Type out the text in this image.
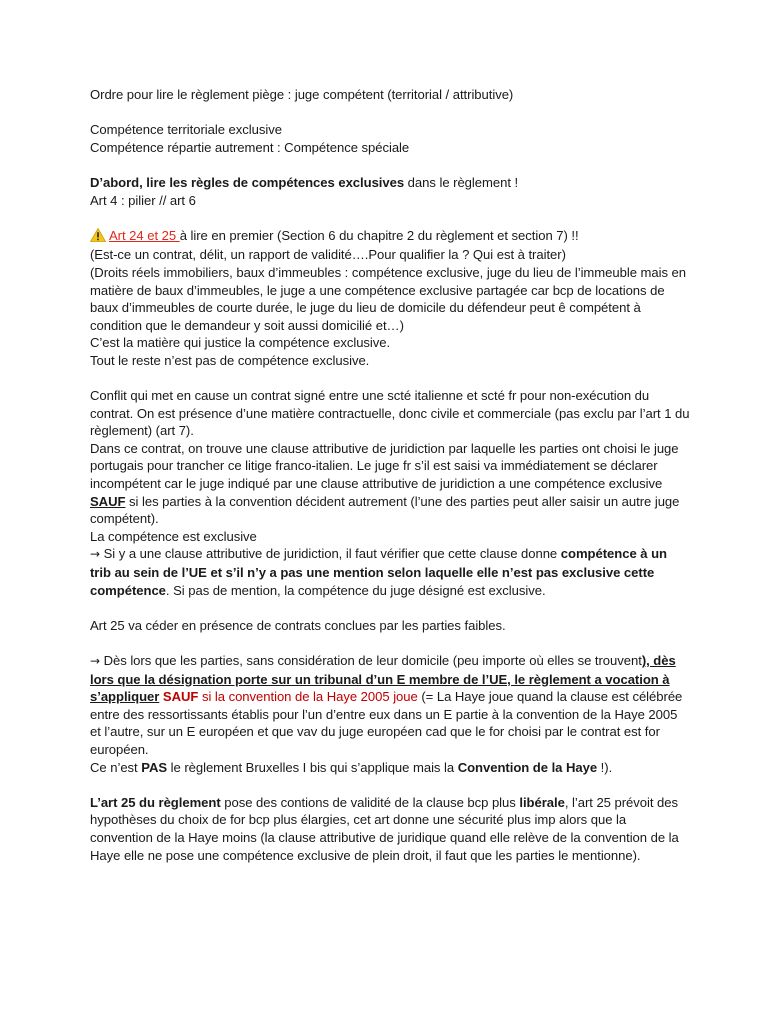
Ordre pour lire le règlement piège : juge compétent (territorial / attributive)

Compétence territoriale exclusive

Compétence répartie autrement : Compétence spéciale

D’abord, lire les règles de compétences exclusives dans le règlement !

Art 4 : pilier // art 6

Art 24 et 25 à lire en premier (Section 6 du chapitre 2 du règlement et section 7) !!

(Est-ce un contrat, délit, un rapport de validité….Pour qualifier la ? Qui est à traiter)

(Droits réels immobiliers, baux d’immeubles : compétence exclusive, juge du lieu de l’immeuble mais en matière de baux d’immeubles, le juge a une compétence exclusive partagée car bcp de locations de baux d’immeubles de courte durée, le juge du lieu de domicile du défendeur peut ê compétent à condition que le demandeur y soit aussi domicilié et…)

C’est la matière qui justice la compétence exclusive.

Tout le reste n’est pas de compétence exclusive.

Conflit qui met en cause un contrat signé entre une scté italienne et scté fr pour non-exécution du contrat. On est présence d’une matière contractuelle, donc civile et commerciale (pas exclu par l’art 1 du règlement) (art 7).

Dans ce contrat, on trouve une clause attributive de juridiction par laquelle les parties ont choisi le juge portugais pour trancher ce litige franco-italien. Le juge fr s’il est saisi va immédiatement se déclarer incompétent car le juge indiqué par une clause attributive de juridiction a une compétence exclusive SAUF si les parties à la convention décident autrement (l’une des parties peut aller saisir un autre juge compétent).

La compétence est exclusive

→ Si y a une clause attributive de juridiction, il faut vérifier que cette clause donne compétence à un trib au sein de l’UE et s’il n’y a pas une mention selon laquelle elle n’est pas exclusive cette compétence. Si pas de mention, la compétence du juge désigné est exclusive.

Art 25 va céder en présence de contrats conclues par les parties faibles.

→ Dès lors que les parties, sans considération de leur domicile (peu importe où elles se trouvent), dès lors que la désignation porte sur un tribunal d’un E membre de l’UE, le règlement a vocation à s’appliquer SAUF si la convention de la Haye 2005 joue (= La Haye joue quand la clause est célébrée entre des ressortissants établis pour l’un d’entre eux dans un E partie à la convention de la Haye 2005 et l’autre, sur un E européen et que vav du juge européen cad que le for choisi par le contrat est for européen.

Ce n’est PAS le règlement Bruxelles I bis qui s’applique mais la Convention de la Haye !).

L’art 25 du règlement pose des contions de validité de la clause bcp plus libérale, l’art 25 prévoit des hypothèses du choix de for bcp plus élargies, cet art donne une sécurité plus imp alors que la convention de la Haye moins (la clause attributive de juridique quand elle relève de la convention de la Haye elle ne pose une compétence exclusive de plein droit, il faut que les parties le mentionne).
